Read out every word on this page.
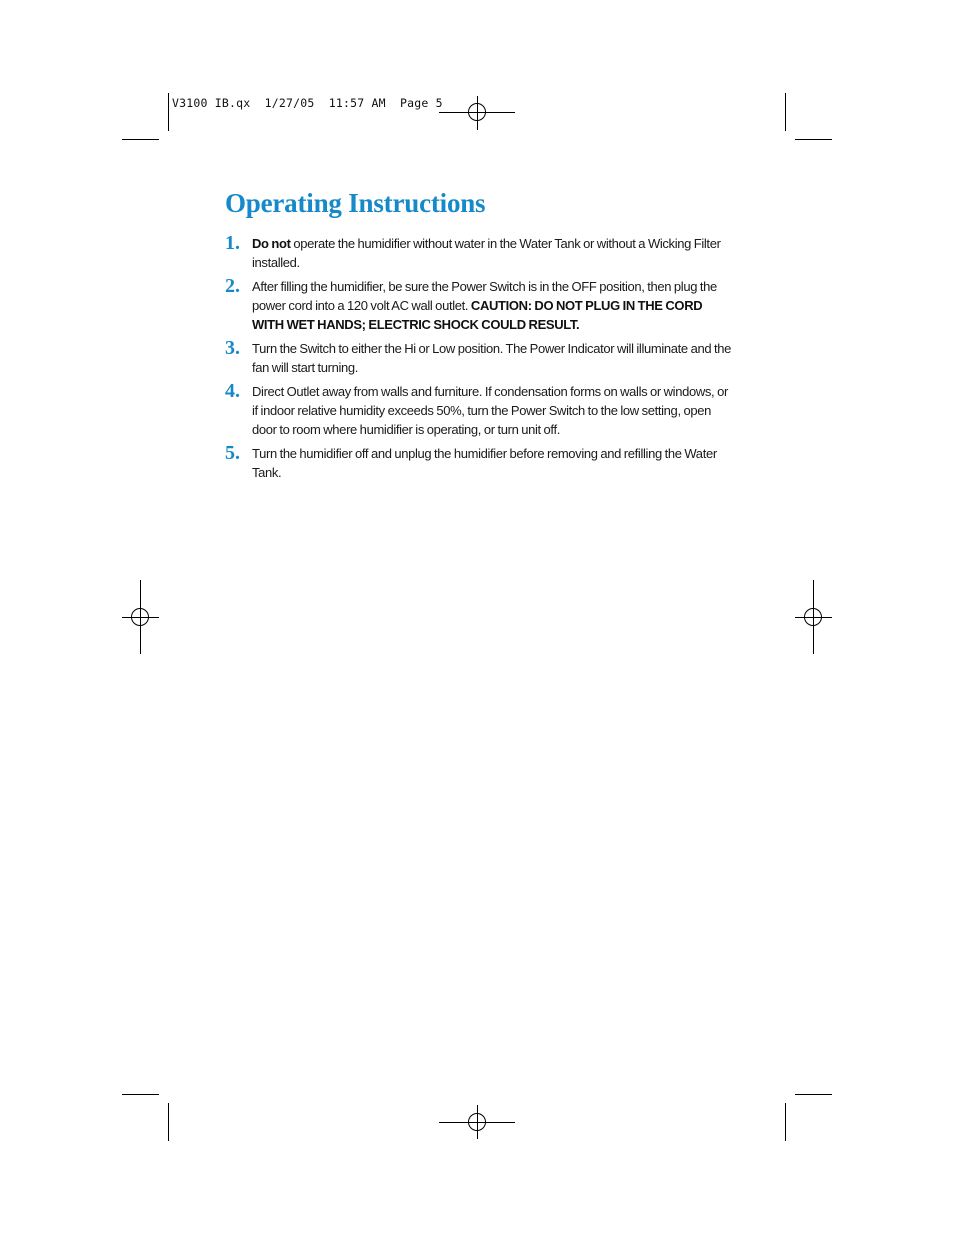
V3100 IB.qx  1/27/05  11:57 AM  Page 5
Operating Instructions
1. Do not operate the humidifier without water in the Water Tank or without a Wicking Filter installed.
2. After filling the humidifier, be sure the Power Switch is in the OFF position, then plug the power cord into a 120 volt AC wall outlet. CAUTION: DO NOT PLUG IN THE CORD WITH WET HANDS; ELECTRIC SHOCK COULD RESULT.
3. Turn the Switch to either the Hi or Low position. The Power Indicator will illuminate and the fan will start turning.
4. Direct Outlet away from walls and furniture. If condensation forms on walls or windows, or if indoor relative humidity exceeds 50%, turn the Power Switch to the low setting, open door to room where humidifier is operating, or turn unit off.
5. Turn the humidifier off and unplug the humidifier before removing and refilling the Water Tank.
